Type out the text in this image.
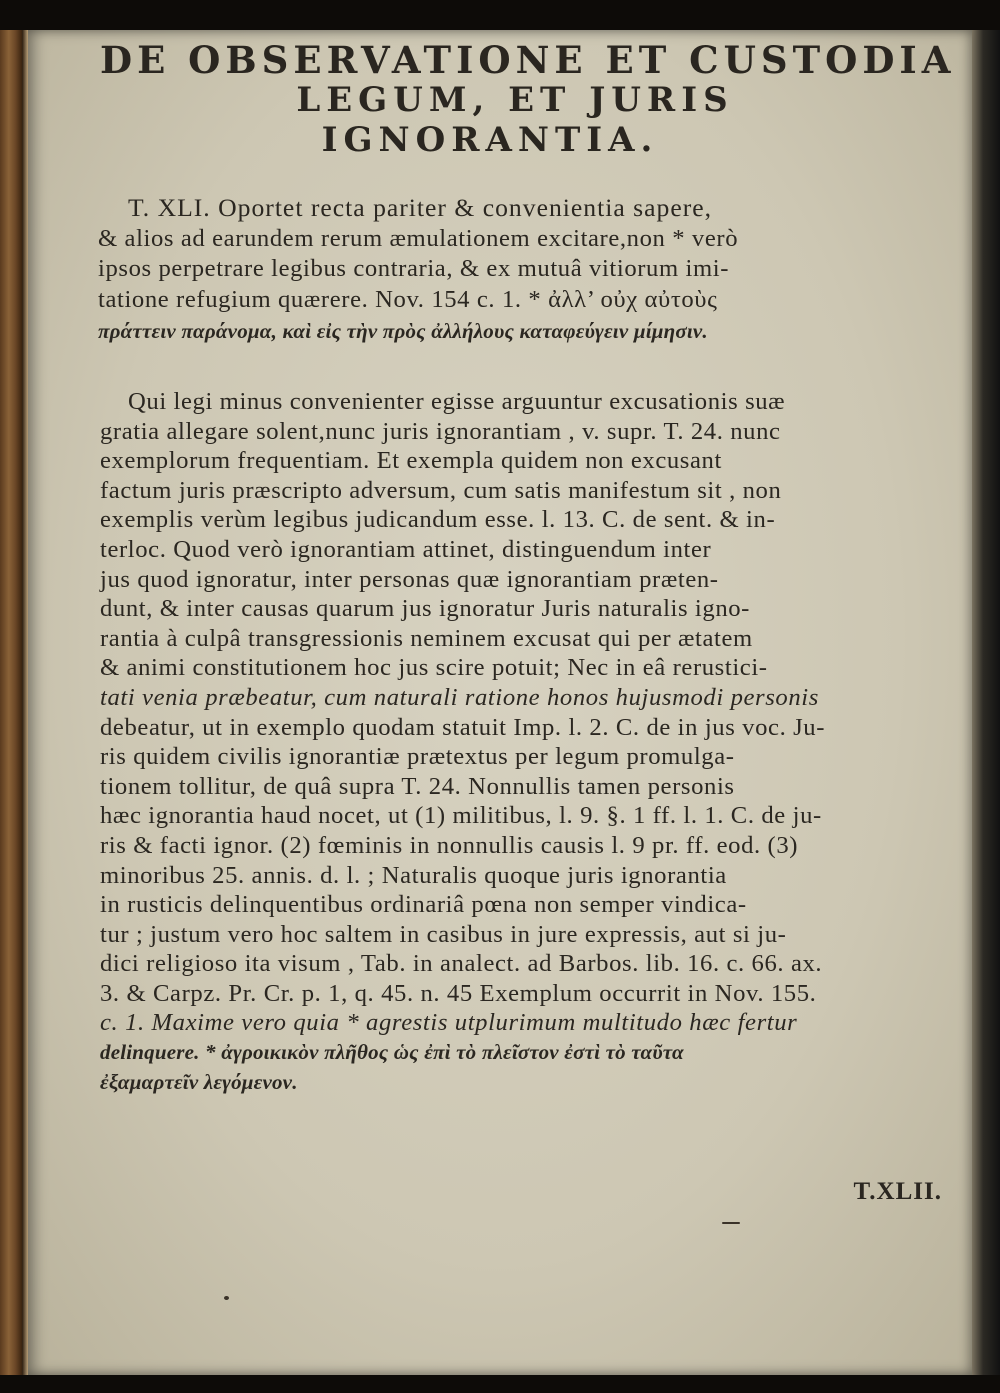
DE OBSERVATIONE ET CUSTODIA
LEGUM, ET JURIS
IGNORANTIA.
T. XLI. Oportet recta pariter & convenientia sapere,
& alios ad earundem rerum æmulationem excitare,non * verò
ipsos perpetrare legibus contraria, & ex mutuâ vitiorum imi-
tatione refugium quærere. Nov. 154 c. 1. * ἀλλ’ οὐχ αὐτοὺς
πράττειν παράνομα, καὶ εἰς τὴν πρὸς ἀλλήλους καταφεύγειν μίμησιν.
Qui legi minus convenienter egisse arguuntur excusationis suæ
gratia allegare solent,nunc juris ignorantiam , v. supr. T. 24. nunc
exemplorum frequentiam. Et exempla quidem non excusant
factum juris præscripto adversum, cum satis manifestum sit , non
exemplis verùm legibus judicandum esse. l. 13. C. de sent. & in-
terloc. Quod verò ignorantiam attinet, distinguendum inter
jus quod ignoratur, inter personas quæ ignorantiam præten-
dunt, & inter causas quarum jus ignoratur Juris naturalis igno-
rantia à culpâ transgressionis neminem excusat qui per ætatem
& animi constitutionem hoc jus scire potuit; Nec in eâ rerustici-
tati venia præbeatur, cum naturali ratione honos hujusmodi personis
debeatur, ut in exemplo quodam statuit Imp. l. 2. C. de in jus voc. Ju-
ris quidem civilis ignorantiæ prætextus per legum promulga-
tionem tollitur, de quâ supra T. 24. Nonnullis tamen personis
hæc ignorantia haud nocet, ut (1) militibus, l. 9. §. 1 ff. l. 1. C. de ju-
ris & facti ignor. (2) fœminis in nonnullis causis l. 9 pr. ff. eod. (3)
minoribus 25. annis. d. l. ; Naturalis quoque juris ignorantia
in rusticis delinquentibus ordinariâ pœna non semper vindica-
tur ; justum vero hoc saltem in casibus in jure expressis, aut si ju-
dici religioso ita visum , Tab. in analect. ad Barbos. lib. 16. c. 66. ax.
3. & Carpz. Pr. Cr. p. 1, q. 45. n. 45 Exemplum occurrit in Nov. 155.
c. 1. Maxime vero quia * agrestis utplurimum multitudo hæc fertur
delinquere. * ἀγροικικὸν πλῆθος ὡς ἐπὶ τὸ πλεῖστον ἐστὶ τὸ ταῦτα
ἐξαμαρτεῖν λεγόμενον.
T.XLII.
